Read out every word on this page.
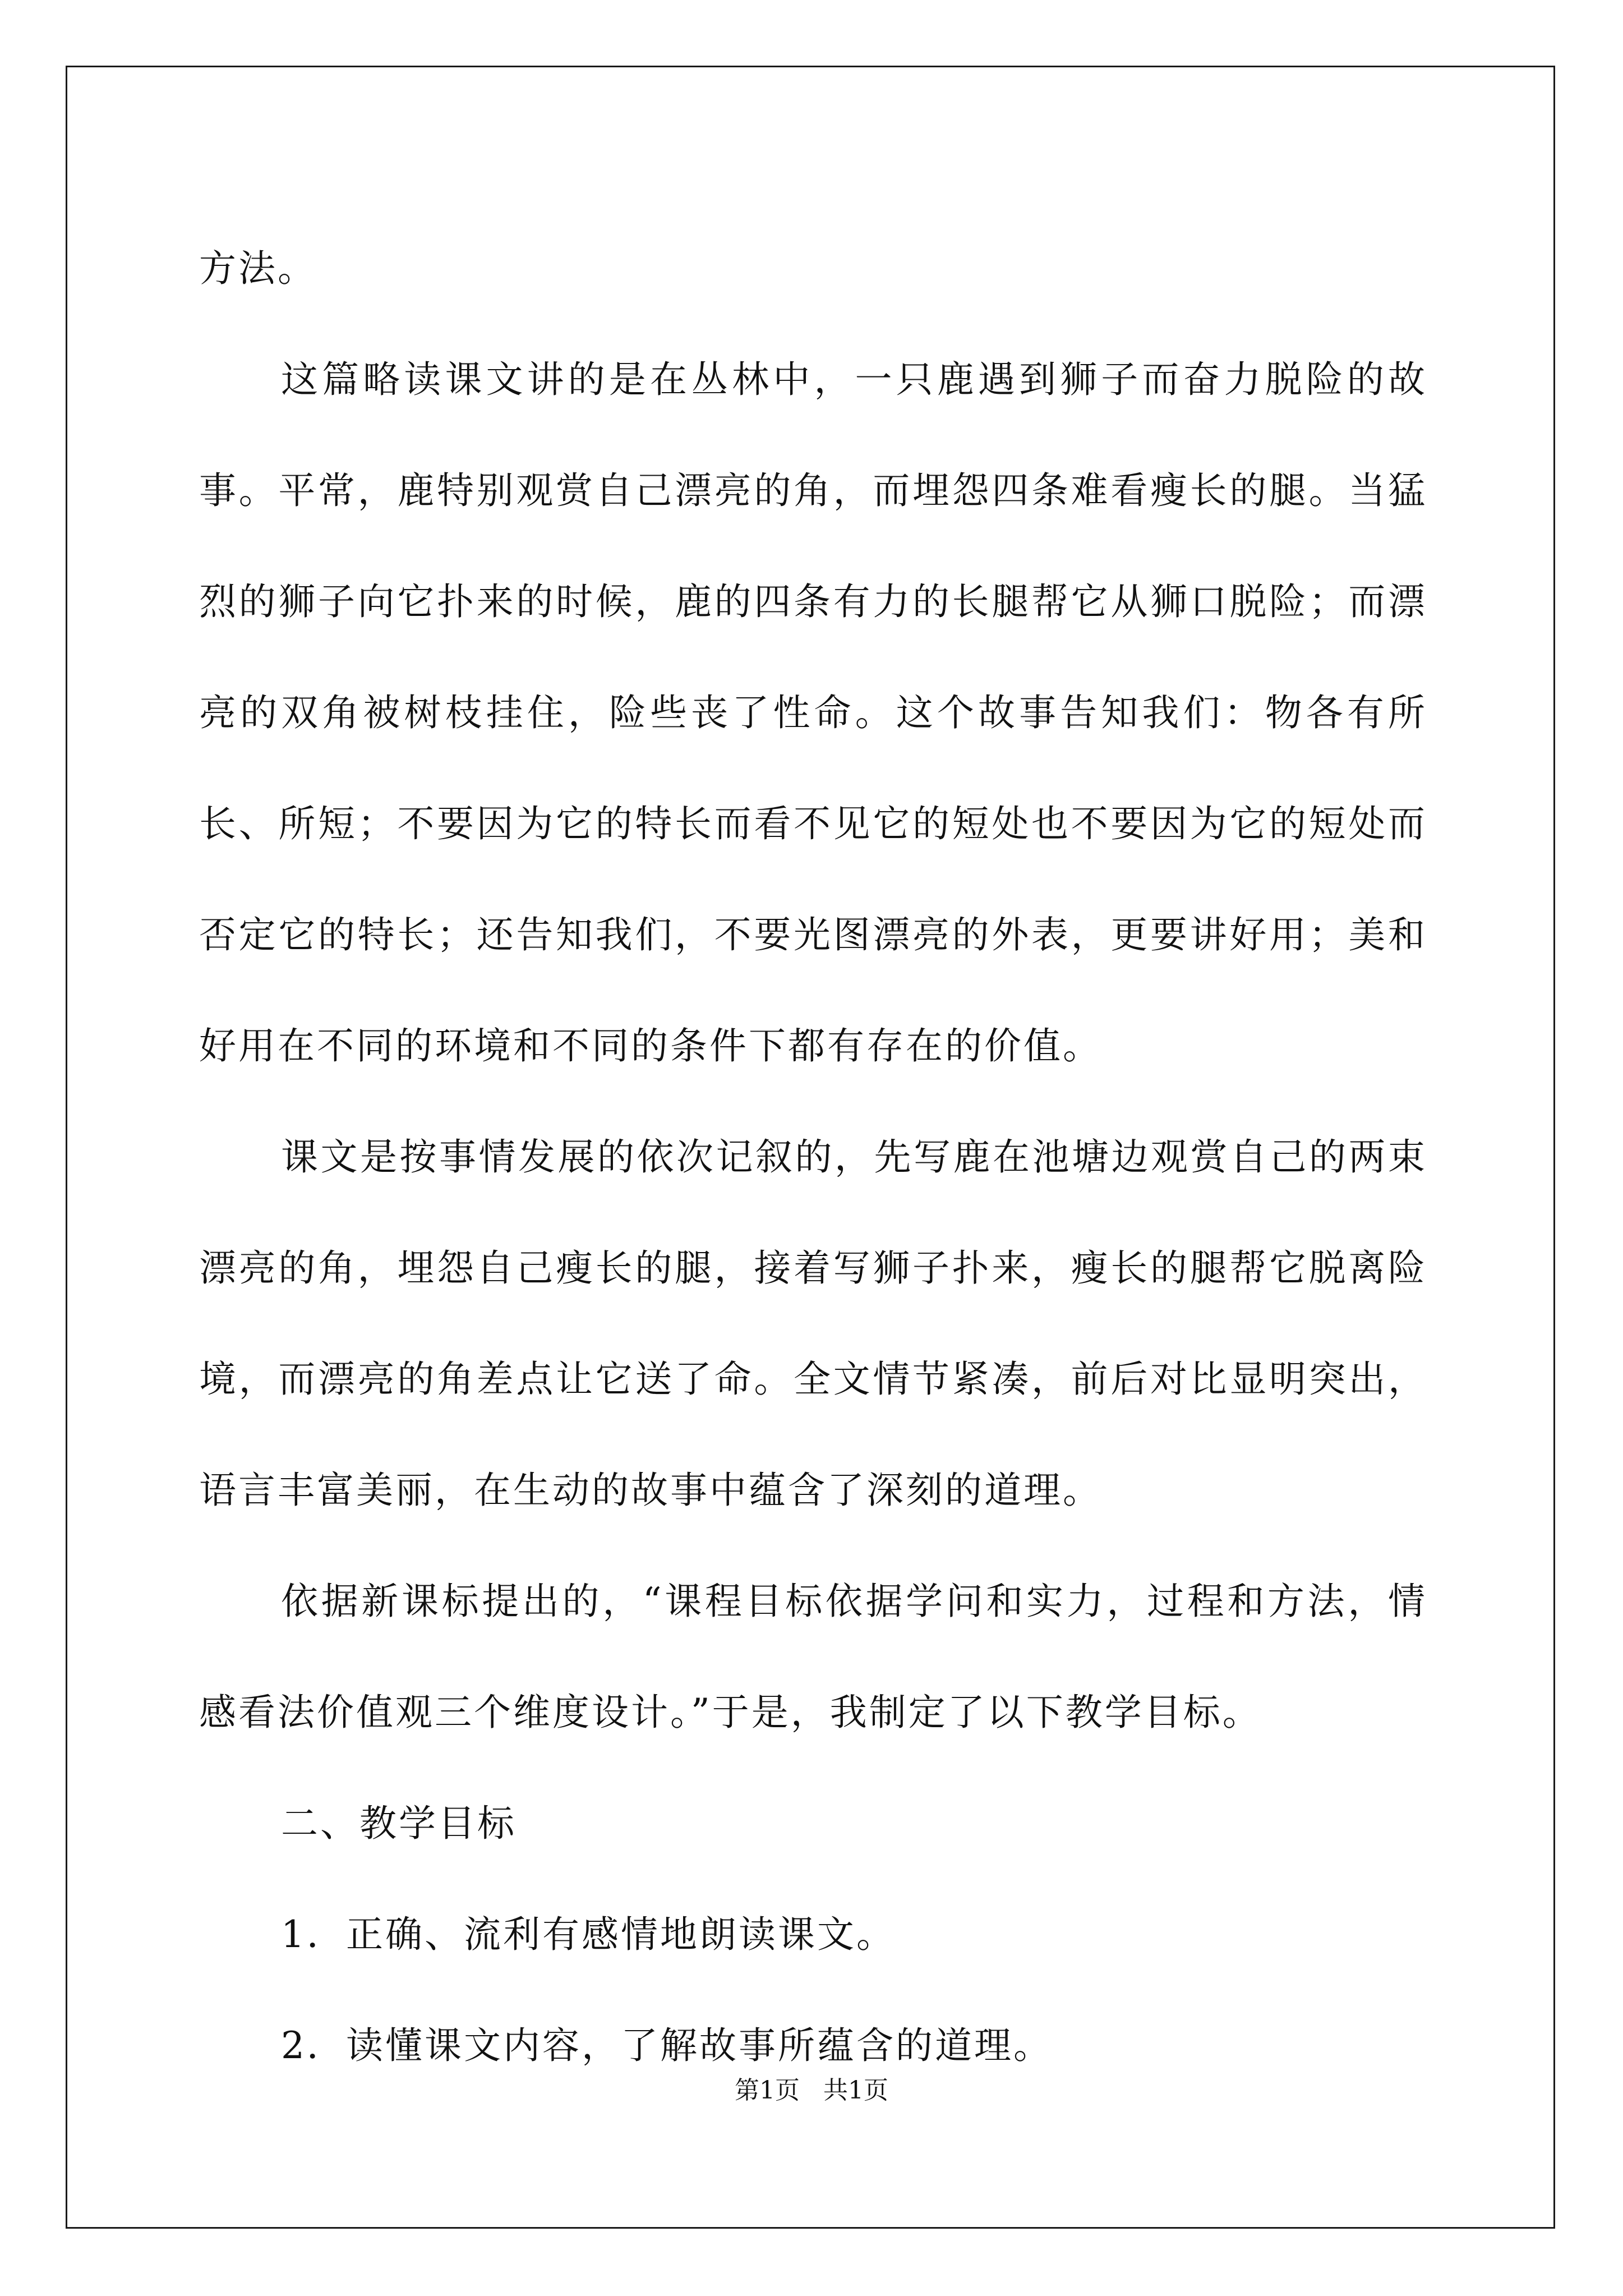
方法。

这篇略读课文讲的是在丛林中，一只鹿遇到狮子而奋力脱险的故事。平常，鹿特别观赏自己漂亮的角，而埋怨四条难看瘦长的腿。当猛烈的狮子向它扑来的时候，鹿的四条有力的长腿帮它从狮口脱险；而漂亮的双角被树枝挂住，险些丧了性命。这个故事告知我们：物各有所长、所短；不要因为它的特长而看不见它的短处也不要因为它的短处而否定它的特长；还告知我们，不要光图漂亮的外表，更要讲好用；美和好用在不同的环境和不同的条件下都有存在的价值。

课文是按事情发展的依次记叙的，先写鹿在池塘边观赏自己的两束漂亮的角，埋怨自己瘦长的腿，接着写狮子扑来，瘦长的腿帮它脱离险境，而漂亮的角差点让它送了命。全文情节紧凑，前后对比显明突出，语言丰富美丽，在生动的故事中蕴含了深刻的道理。

依据新课标提出的，“课程目标依据学问和实力，过程和方法，情感看法价值观三个维度设计。”于是，我制定了以下教学目标。

二、教学目标

1．正确、流利有感情地朗读课文。

2．读懂课文内容，了解故事所蕴含的道理。

第1页 共1页
